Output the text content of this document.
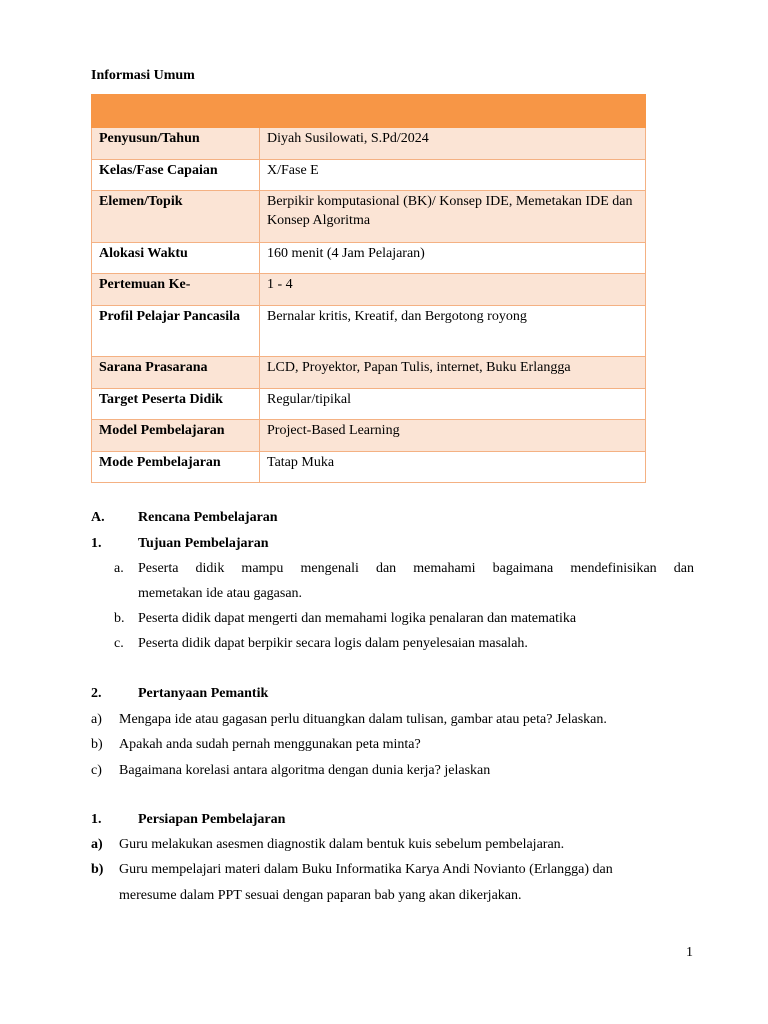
Informasi Umum

Penyusun/Tahun	Diyah Susilowati, S.Pd/2024

Kelas/Fase Capaian	X/Fase E

Elemen/Topik	Berpikir komputasional (BK)/ Konsep IDE, Memetakan IDE dan Konsep Algoritma

Alokasi Waktu	160 menit (4 Jam Pelajaran)

Pertemuan Ke-	1 - 4

Profil Pelajar Pancasila	Bernalar kritis, Kreatif, dan Bergotong royong

Sarana Prasarana	LCD, Proyektor, Papan Tulis, internet, Buku Erlangga

Target Peserta Didik	Regular/tipikal

Model Pembelajaran	Project-Based Learning

Mode Pembelajaran	Tatap Muka
A. Rencana Pembelajaran
1.	Tujuan Pembelajaran
a. Peserta didik mampu mengenali dan memahami bagaimana mendefinisikan dan
memetakan ide atau gagasan.
b. Peserta didik dapat mengerti dan memahami logika penalaran dan matematika
c. Peserta didik dapat berpikir secara logis dalam penyelesaian masalah.
2.	Pertanyaan Pemantik
a) Mengapa ide atau gagasan perlu dituangkan dalam tulisan, gambar atau peta? Jelaskan.
b) Apakah anda sudah pernah menggunakan peta minta?
c) Bagaimana korelasi antara algoritma dengan dunia kerja? jelaskan
1.	Persiapan Pembelajaran
a) Guru melakukan asesmen diagnostik dalam bentuk kuis sebelum pembelajaran.
b) Guru mempelajari materi dalam Buku Informatika Karya Andi Novianto (Erlangga) dan
meresume dalam PPT sesuai dengan paparan bab yang akan dikerjakan.
1
